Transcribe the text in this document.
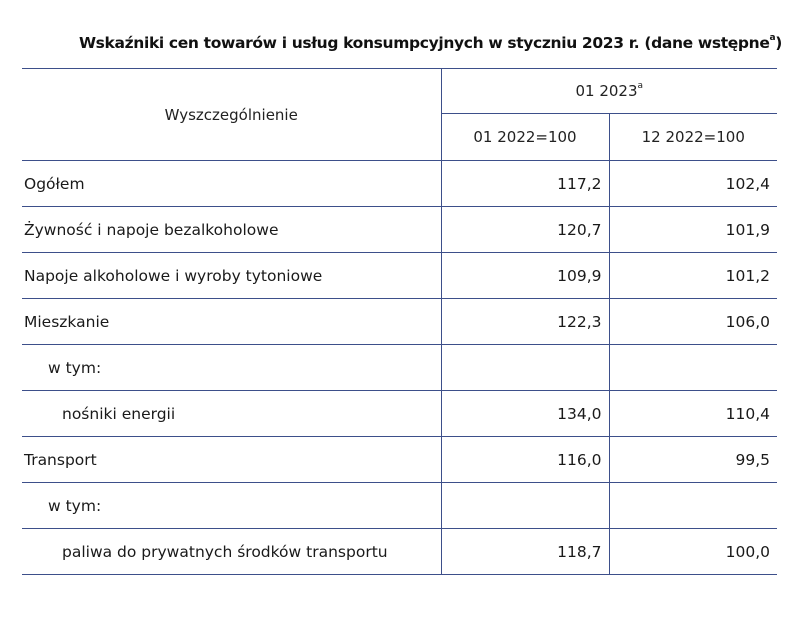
Wskaźniki cen towarów i usług konsumpcyjnych w styczniu 2023 r. (dane wstępne$^a$)
Wyszczególnienie	01 2023$^a$
	01 2022=100	12 2022=100
Ogółem	117,2	102,4
Żywność i napoje bezalkoholowe	120,7	101,9
Napoje alkoholowe i wyroby tytoniowe	109,9	101,2
Mieszkanie	122,3	106,0
w tym:		
nośniki energii	134,0	110,4
Transport	116,0	99,5
w tym:		
paliwa do prywatnych środków transportu	118,7	100,0
